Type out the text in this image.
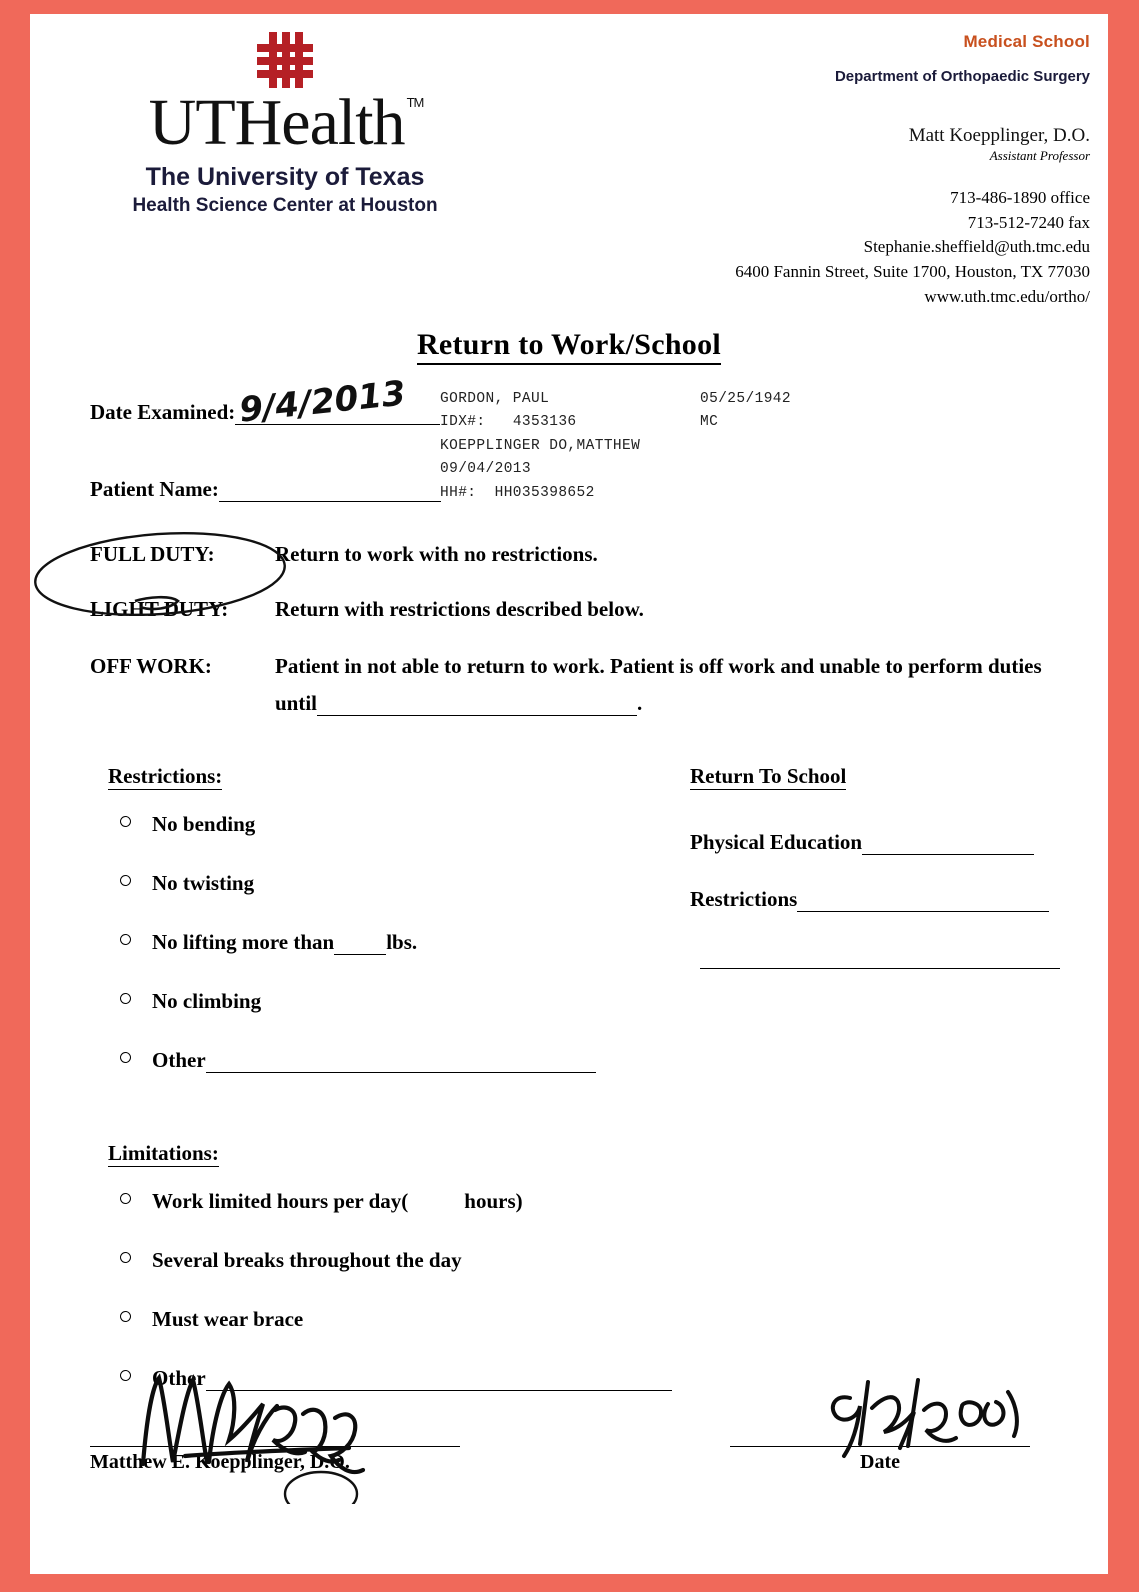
UTHealth ™
The University of Texas
Health Science Center at Houston
Medical School
Department of Orthopaedic Surgery
Matt Koepplinger, D.O.
Assistant Professor
713-486-1890 office
713-512-7240 fax
Stephanie.sheffield@uth.tmc.edu
6400 Fannin Street, Suite 1700, Houston, TX 77030
www.uth.tmc.edu/ortho/
Return to Work/School
GORDON, PAUL
IDX#: 4353136
KOEPPLINGER DO,MATTHEW
09/04/2013
HH#: HH035398652
05/25/1942
MC
Date Examined: 9/4/2013
Patient Name:
FULL DUTY:	Return to work with no restrictions.
LIGHT DUTY: Return with restrictions described below.
OFF WORK:	Patient in not able to return to work. Patient is off work and unable to perform duties
until	.
Restrictions:
No bending
No twisting
No lifting more than lbs.
No climbing
Other
Limitations:
Work limited hours per day(	hours)
Several breaks throughout the day
Must wear brace
Other
Return To School
Physical Education
Restrictions
Matthew E. Koepplinger, D.O.	Date
